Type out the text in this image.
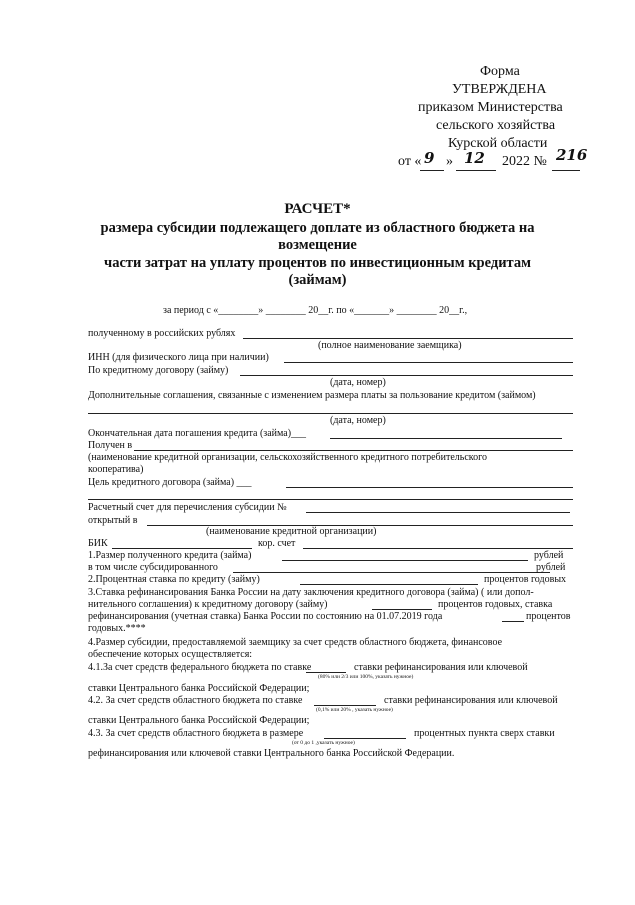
Форма
УТВЕРЖДЕНА
приказом Министерства
сельского хозяйства
Курской области
от « 9 » 12 2022 № 216
РАСЧЕТ*
размера субсидии подлежащего доплате из областного бюджета на
возмещение
части затрат на уплату процентов по инвестиционным кредитам
(займам)
за период с «________» ________ 20__г. по «_______» ________ 20__г.,
полученному в российских рублях
(полное наименование заемщика)
ИНН (для физического лица при наличии)
По кредитному договору (займу)
(дата, номер)
Дополнительные соглашения, связанные с изменением размера платы за пользование кредитом (займом)
(дата, номер)
Окончательная дата погашения кредита (займа)___
Получен в
(наименование кредитной организации, сельскохозяйственного кредитного потребительского
кооператива)
Цель кредитного договора (займа) ___
Расчетный счет для перечисления субсидии №
открытый в
(наименование кредитной организации)
БИК	кор. счет
1.Размер полученного кредита (займа)	рублей
в том числе субсидированного	рублей
2.Процентная ставка по кредиту (займу)	процентов годовых
3.Ставка рефинансирования Банка России на дату заключения кредитного договора (займа) ( или допол-
нительного соглашения) к кредитному договору (займу)	процентов годовых, ставка
рефинансирования (учетная ставка) Банка России по состоянию на 01.07.2019 года	процентов
годовых.****
4.Размер субсидии, предоставляемой заемщику за счет средств областного бюджета, финансовое
обеспечение которых осуществляется:
4.1.За счет средств федерального бюджета по ставке	ставки рефинансирования или ключевой
(80% или 2/3 или 100%, указать нужное)
ставки Центрального банка Российской Федерации;
4.2. За счет средств областного бюджета по ставке	ставки рефинансирования или ключевой
(0,1% или 20% , указать нужное)
ставки Центрального банка Российской Федерации;
4.3. За счет средств областного бюджета в размере	процентных пункта сверх ставки
(от 0 до 1 ,указать нужное)
рефинансирования или ключевой ставки Центрального банка Российской Федерации.
